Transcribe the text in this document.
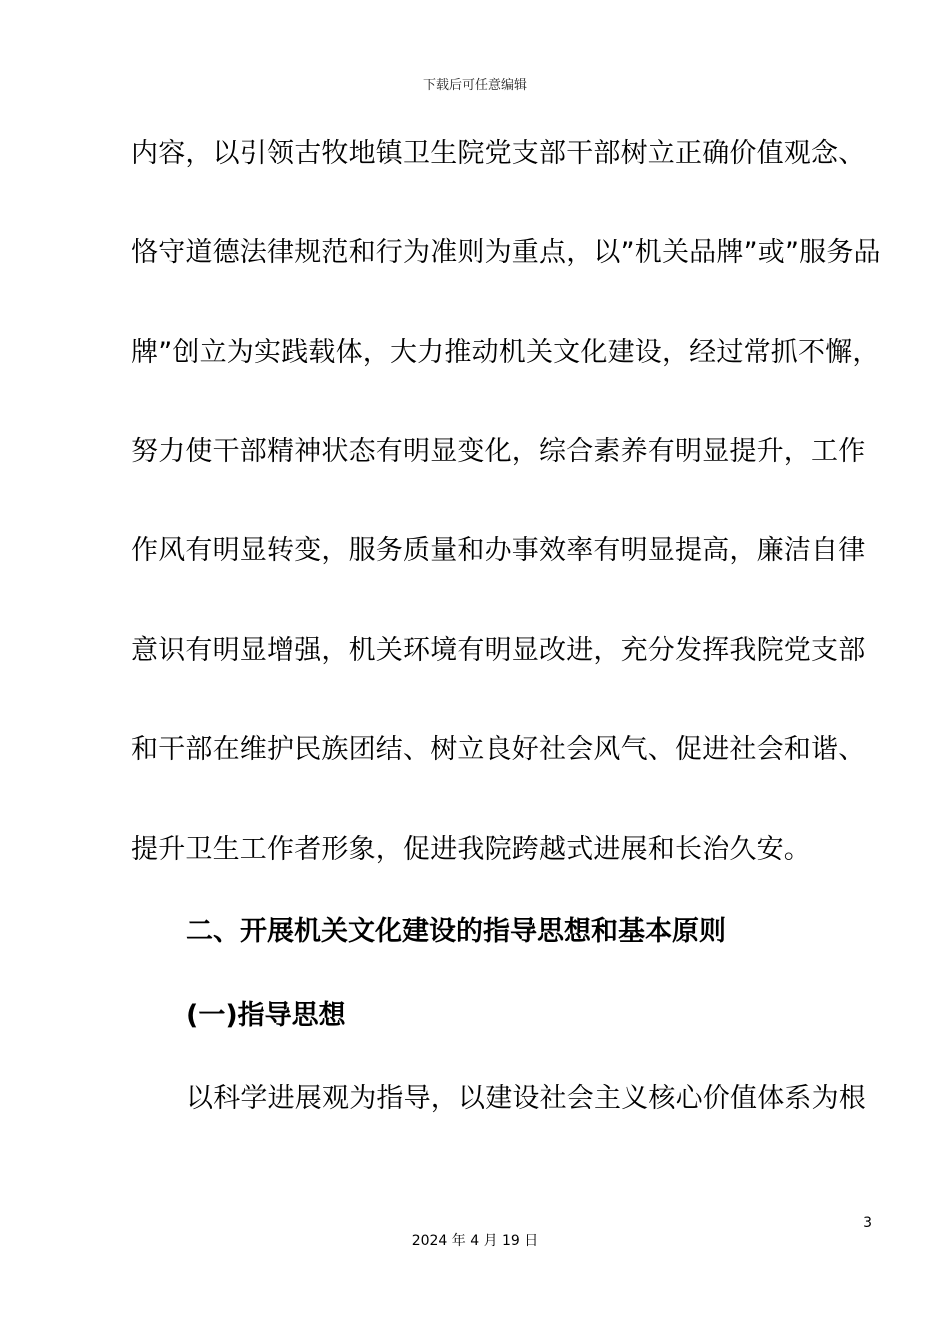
下载后可任意编辑
内容，以引领古牧地镇卫生院党支部干部树立正确价值观念、
恪守道德法律规范和行为准则为重点，以”机关品牌”或”服务品
牌”创立为实践载体，大力推动机关文化建设，经过常抓不懈，
努力使干部精神状态有明显变化，综合素养有明显提升，工作
作风有明显转变，服务质量和办事效率有明显提高，廉洁自律
意识有明显增强，机关环境有明显改进，充分发挥我院党支部
和干部在维护民族团结、树立良好社会风气、促进社会和谐、
提升卫生工作者形象，促进我院跨越式进展和长治久安。
二、开展机关文化建设的指导思想和基本原则
(一)指导思想
以科学进展观为指导，以建设社会主义核心价值体系为根
3
2024 年 4 月 19 日
